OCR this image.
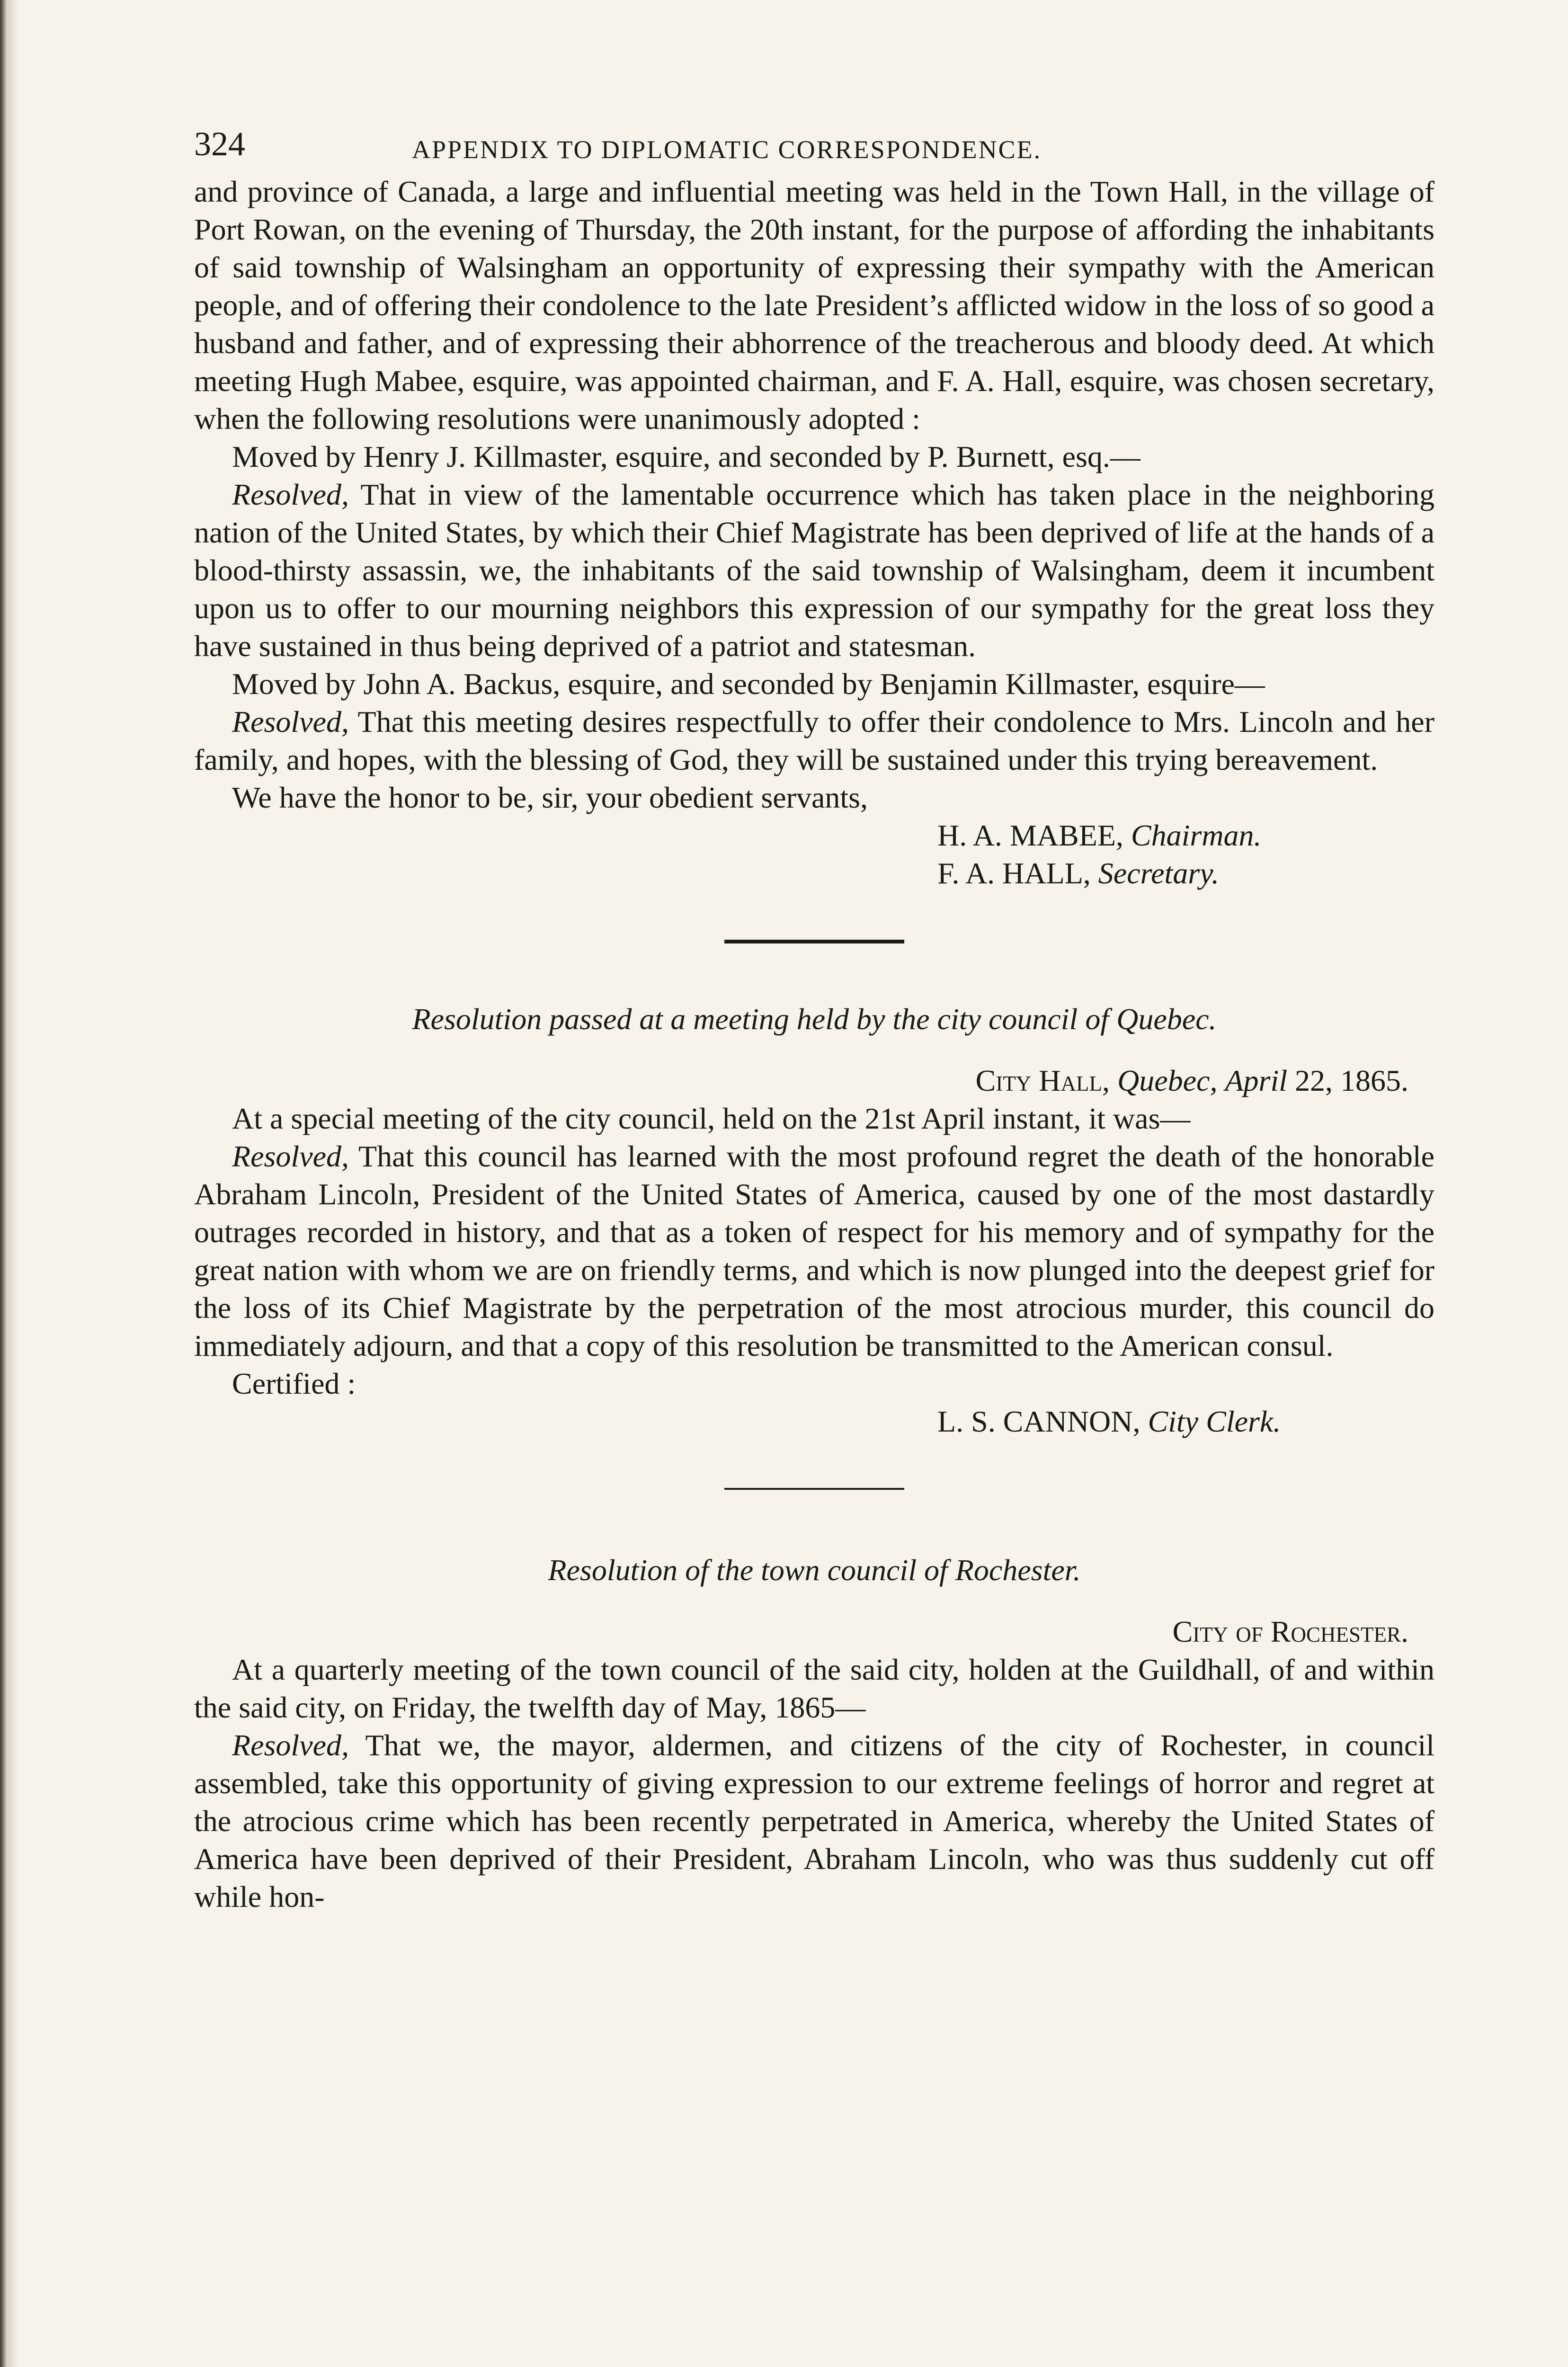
324	APPENDIX TO DIPLOMATIC CORRESPONDENCE.

and province of Canada, a large and influential meeting was held in the Town Hall, in the village of Port Rowan, on the evening of Thursday, the 20th instant, for the purpose of affording the inhabitants of said township of Walsingham an opportunity of expressing their sympathy with the American people, and of offering their condolence to the late President’s afflicted widow in the loss of so good a husband and father, and of expressing their abhorrence of the treacherous and bloody deed. At which meeting Hugh Mabee, esquire, was appointed chairman, and F. A. Hall, esquire, was chosen secretary, when the following resolutions were unanimously adopted :

Moved by Henry J. Killmaster, esquire, and seconded by P. Burnett, esq.—

Resolved, That in view of the lamentable occurrence which has taken place in the neighboring nation of the United States, by which their Chief Magistrate has been deprived of life at the hands of a blood-thirsty assassin, we, the inhabitants of the said township of Walsingham, deem it incumbent upon us to offer to our mourning neighbors this expression of our sympathy for the great loss they have sustained in thus being deprived of a patriot and statesman.

Moved by John A. Backus, esquire, and seconded by Benjamin Killmaster, esquire—

Resolved, That this meeting desires respectfully to offer their condolence to Mrs. Lincoln and her family, and hopes, with the blessing of God, they will be sustained under this trying bereavement.

We have the honor to be, sir, your obedient servants,

H. A. MABEE, Chairman.
F. A. HALL, Secretary.

Resolution passed at a meeting held by the city council of Quebec.

City Hall, Quebec, April 22, 1865.

At a special meeting of the city council, held on the 21st April instant, it was—

Resolved, That this council has learned with the most profound regret the death of the honorable Abraham Lincoln, President of the United States of America, caused by one of the most dastardly outrages recorded in history, and that as a token of respect for his memory and of sympathy for the great nation with whom we are on friendly terms, and which is now plunged into the deepest grief for the loss of its Chief Magistrate by the perpetration of the most atrocious murder, this council do immediately adjourn, and that a copy of this resolution be transmitted to the American consul.

Certified :

L. S. CANNON, City Clerk.

Resolution of the town council of Rochester.

City of Rochester.

At a quarterly meeting of the town council of the said city, holden at the Guildhall, of and within the said city, on Friday, the twelfth day of May, 1865—

Resolved, That we, the mayor, aldermen, and citizens of the city of Rochester, in council assembled, take this opportunity of giving expression to our extreme feelings of horror and regret at the atrocious crime which has been recently perpetrated in America, whereby the United States of America have been deprived of their President, Abraham Lincoln, who was thus suddenly cut off while hon-
